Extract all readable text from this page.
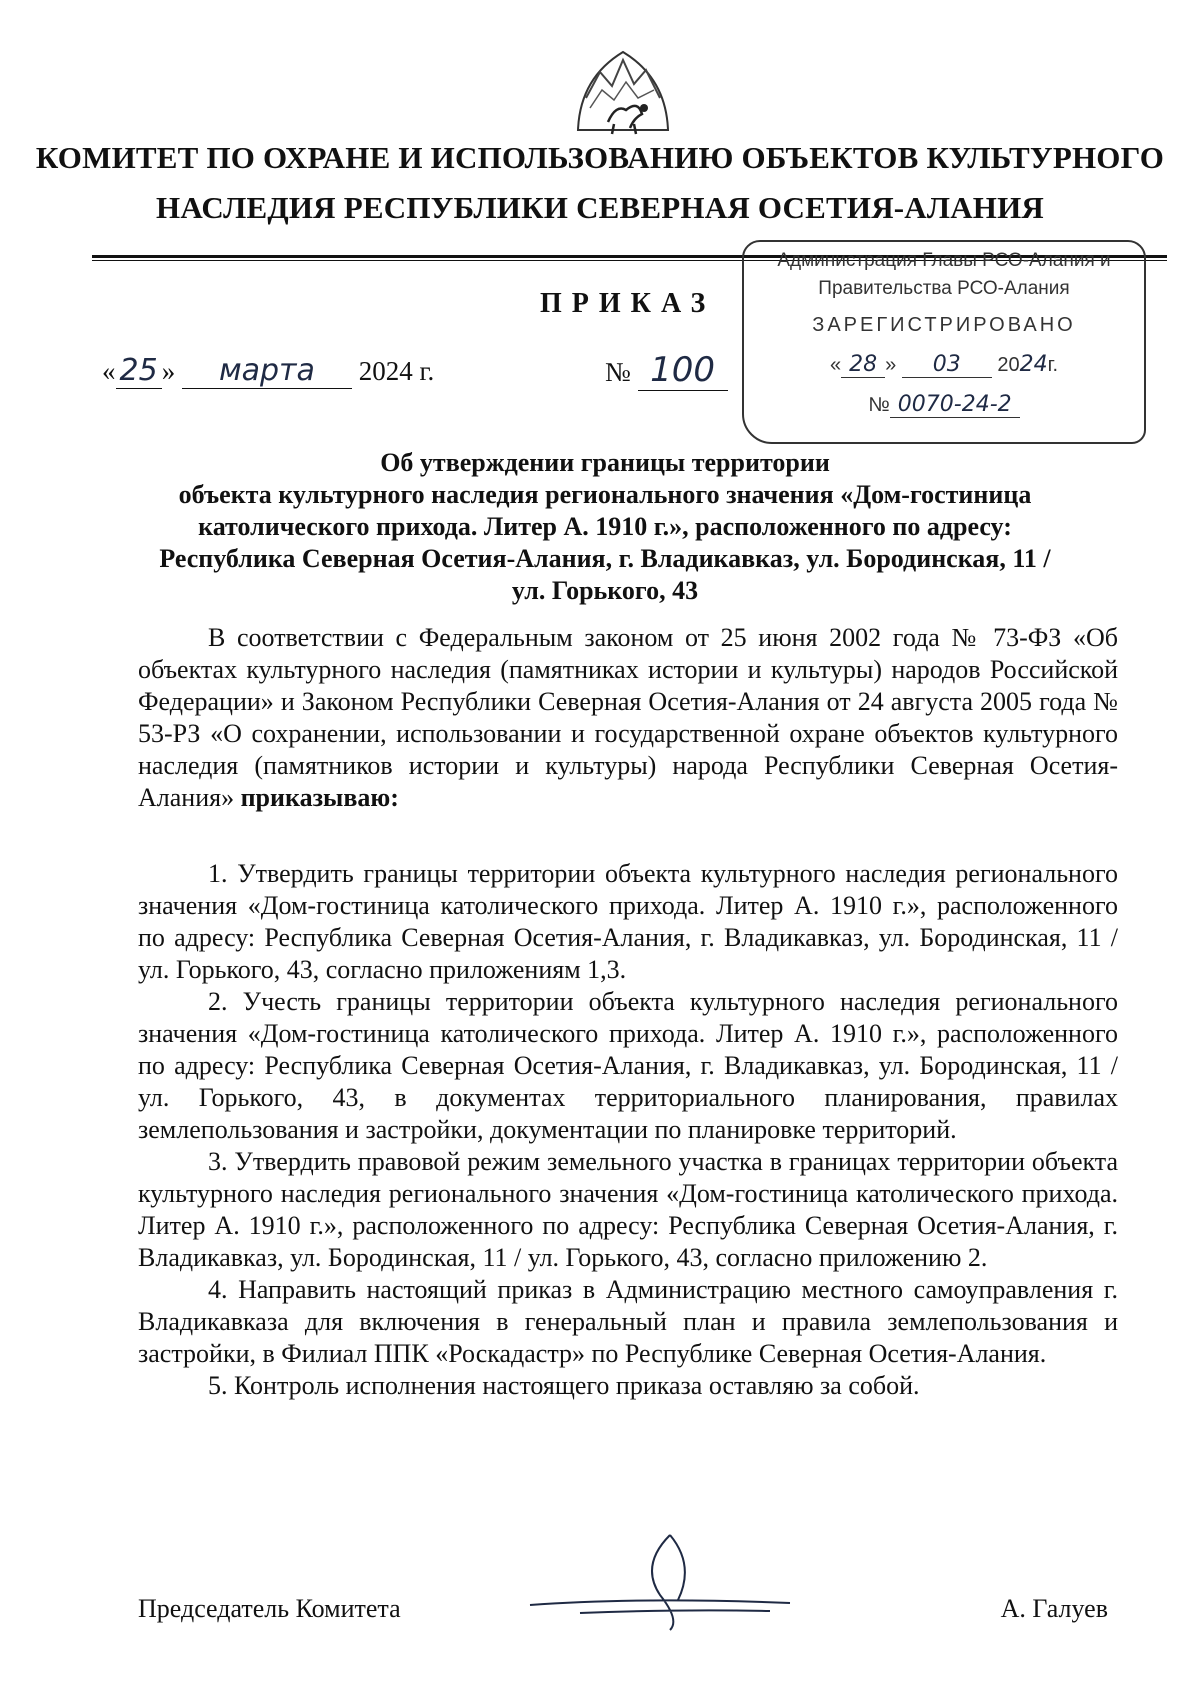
КОМИТЕТ ПО ОХРАНЕ И ИСПОЛЬЗОВАНИЮ ОБЪЕКТОВ КУЛЬТУРНОГО
НАСЛЕДИЯ РЕСПУБЛИКИ СЕВЕРНАЯ ОСЕТИЯ-АЛАНИЯ
ПРИКАЗ
« 25 » марта 2024 г.	№ 100
Администрация Главы РСО-Алания и
Правительства РСО-Алания
ЗАРЕГИСТРИРОВАНО
« 28 » 03 2024г.
№ 0070-24-2
Об утверждении границы территории
объекта культурного наследия регионального значения «Дом-гостиница
католического прихода. Литер А. 1910 г.», расположенного по адресу:
Республика Северная Осетия-Алания, г. Владикавказ, ул. Бородинская, 11 /
ул. Горького, 43

В соответствии с Федеральным законом от 25 июня 2002 года № 73-ФЗ «Об объектах культурного наследия (памятниках истории и культуры) народов Российской Федерации» и Законом Республики Северная Осетия-Алания от 24 августа 2005 года № 53-РЗ «О сохранении, использовании и государственной охране объектов культурного наследия (памятников истории и культуры) народа Республики Северная Осетия-Алания» приказываю:

1. Утвердить границы территории объекта культурного наследия регионального значения «Дом-гостиница католического прихода. Литер А. 1910 г.», расположенного по адресу: Республика Северная Осетия-Алания, г. Владикавказ, ул. Бородинская, 11 / ул. Горького, 43, согласно приложениям 1,3.

2. Учесть границы территории объекта культурного наследия регионального значения «Дом-гостиница католического прихода. Литер А. 1910 г.», расположенного по адресу: Республика Северная Осетия-Алания, г. Владикавказ, ул. Бородинская, 11 / ул. Горького, 43, в документах территориального планирования, правилах землепользования и застройки, документации по планировке территорий.

3. Утвердить правовой режим земельного участка в границах территории объекта культурного наследия регионального значения «Дом-гостиница католического прихода. Литер А. 1910 г.», расположенного по адресу: Республика Северная Осетия-Алания, г. Владикавказ, ул. Бородинская, 11 / ул. Горького, 43, согласно приложению 2.

4. Направить настоящий приказ в Администрацию местного самоуправления г. Владикавказа для включения в генеральный план и правила землепользования и застройки, в Филиал ППК «Роскадастр» по Республике Северная Осетия-Алания.

5. Контроль исполнения настоящего приказа оставляю за собой.

Председатель Комитета	А. Галуев
